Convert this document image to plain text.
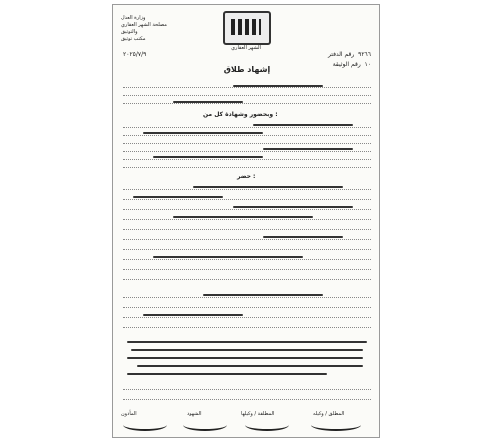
وزارة العدل
مصلحة الشهر العقاري والتوثيق
مكتب توثيق
الشهر العقاري
٢٠٢٥/٧/٩	٩٢٦٦  رقم الدفتر
١٠  رقم الوثيقة
إشهاد طلاق
وبحضور وشهادة كل من :
حضر :
المأذون	الشهود	المطلقة / وكيلها	المطلق / وكيله
